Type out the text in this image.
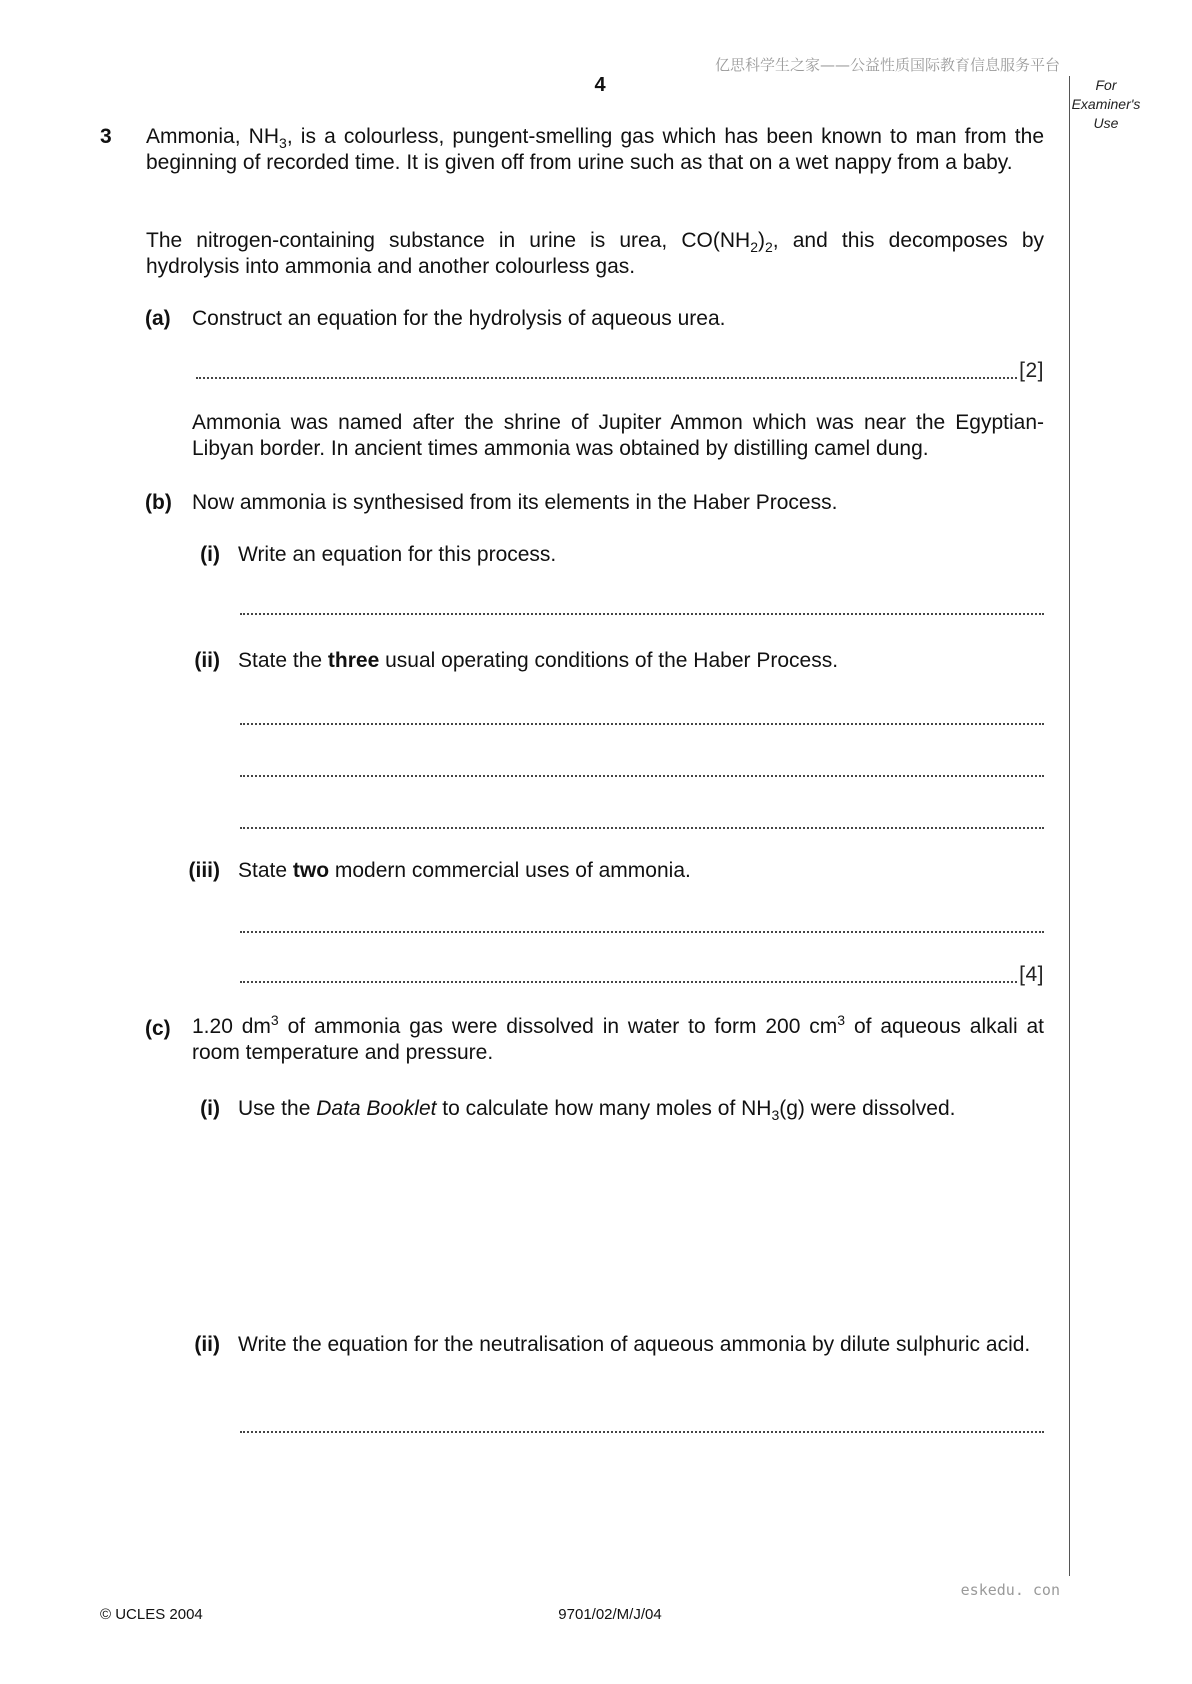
亿思科学生之家——公益性质国际教育信息服务平台
4	For
Examiner's
Use
3 Ammonia, $NH_3$, is a colourless, pungent-smelling gas which has been known to man from the beginning of recorded time. It is given off from urine such as that on a wet nappy from a baby.
The nitrogen-containing substance in urine is urea, $CO(NH_2)_2$, and this decomposes by hydrolysis into ammonia and another colourless gas.
(a) Construct an equation for the hydrolysis of aqueous urea.
[2]
Ammonia was named after the shrine of Jupiter Ammon which was near the Egyptian-Libyan border. In ancient times ammonia was obtained by distilling camel dung.
(b) Now ammonia is synthesised from its elements in the Haber Process.
(i) Write an equation for this process.
(ii) State the three usual operating conditions of the Haber Process.
(iii) State two modern commercial uses of ammonia.
[4]
(c) 1.20 $dm^3$ of ammonia gas were dissolved in water to form 200 $cm^3$ of aqueous alkali at room temperature and pressure.
(i) Use the Data Booklet to calculate how many moles of $NH_3(g)$ were dissolved.
(ii) Write the equation for the neutralisation of aqueous ammonia by dilute sulphuric acid.
eskedu. con
© UCLES 2004	9701/02/M/J/04
